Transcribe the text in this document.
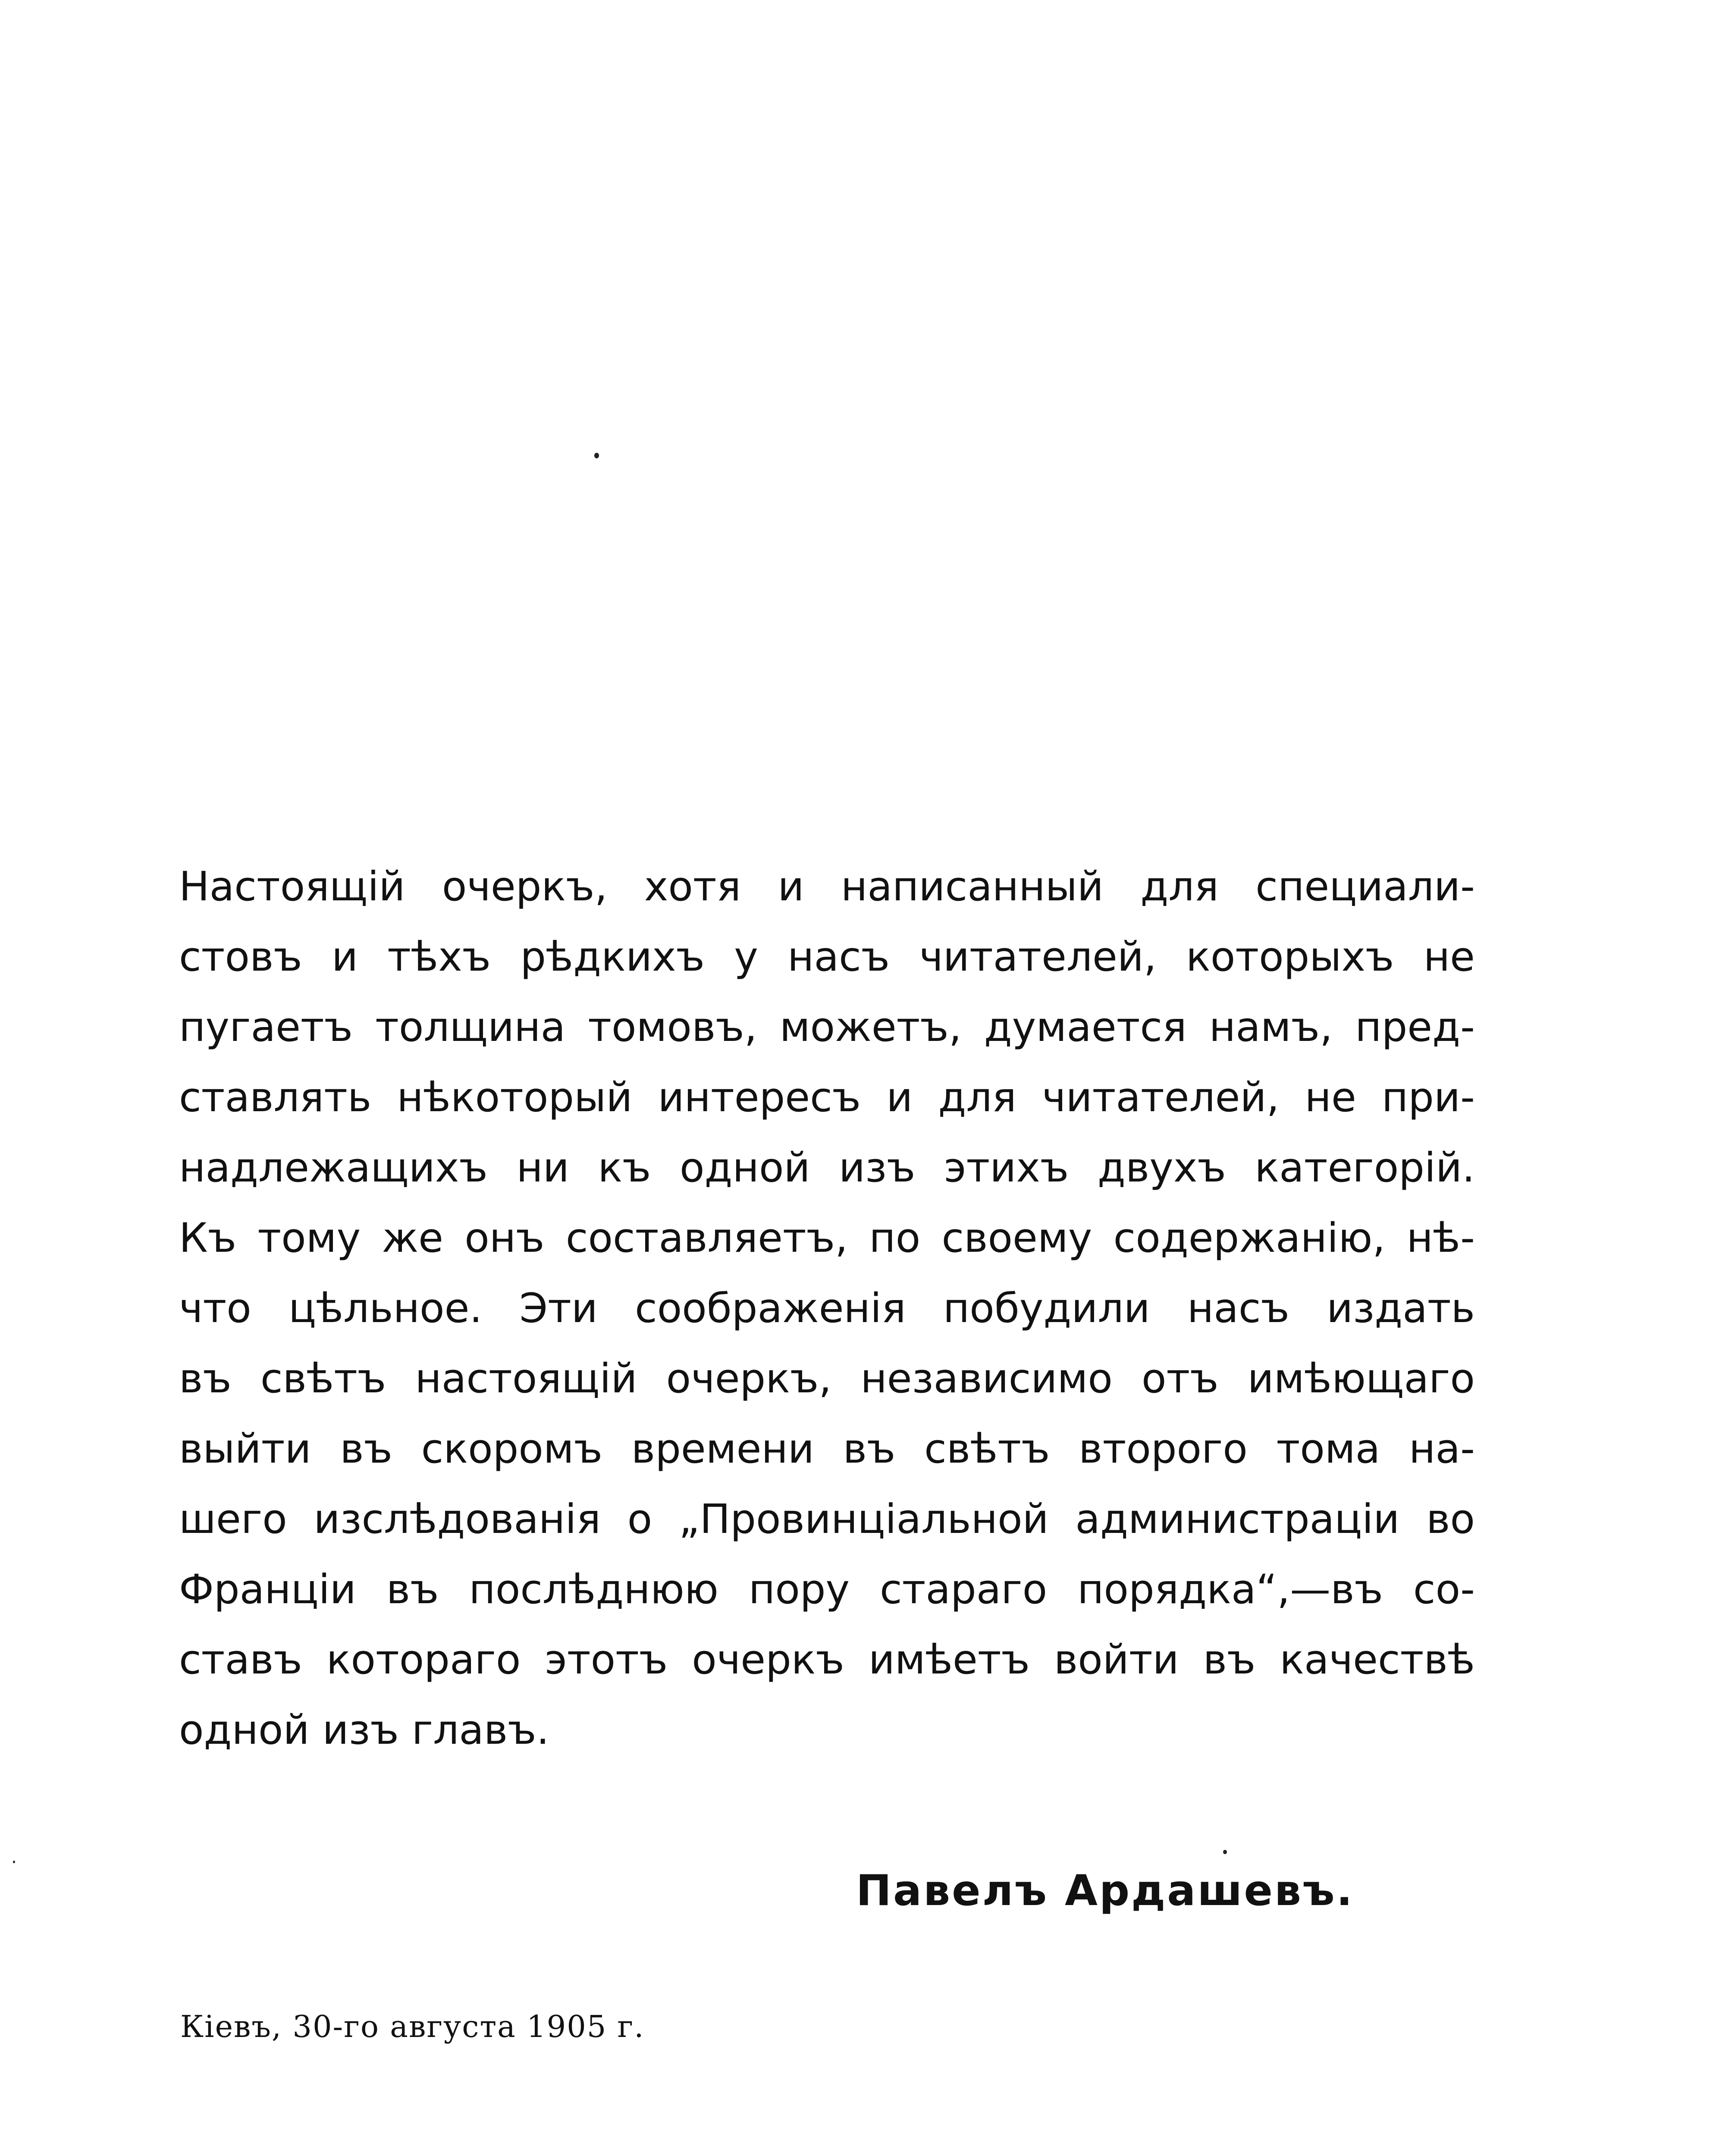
Настоящій очеркъ, хотя и написанный для специали-
стовъ и тѣхъ рѣдкихъ у насъ читателей, которыхъ не
пугаетъ толщина томовъ, можетъ, думается намъ, пред-
ставлять нѣкоторый интересъ и для читателей, не при-
надлежащихъ ни къ одной изъ этихъ двухъ категорій.
Къ тому же онъ составляетъ, по своему содержанію, нѣ-
что цѣльное. Эти соображенія побудили насъ издать
въ свѣтъ настоящій очеркъ, независимо отъ имѣющаго
выйти въ скоромъ времени въ свѣтъ второго тома на-
шего изслѣдованія о „Провинціальной администраціи во
Франціи въ послѣднюю пору стараго порядка“,—въ со-
ставъ котораго этотъ очеркъ имѣетъ войти въ качествѣ
одной изъ главъ.
Павелъ Ардашевъ.
Кіевъ, 30-го августа 1905 г.
